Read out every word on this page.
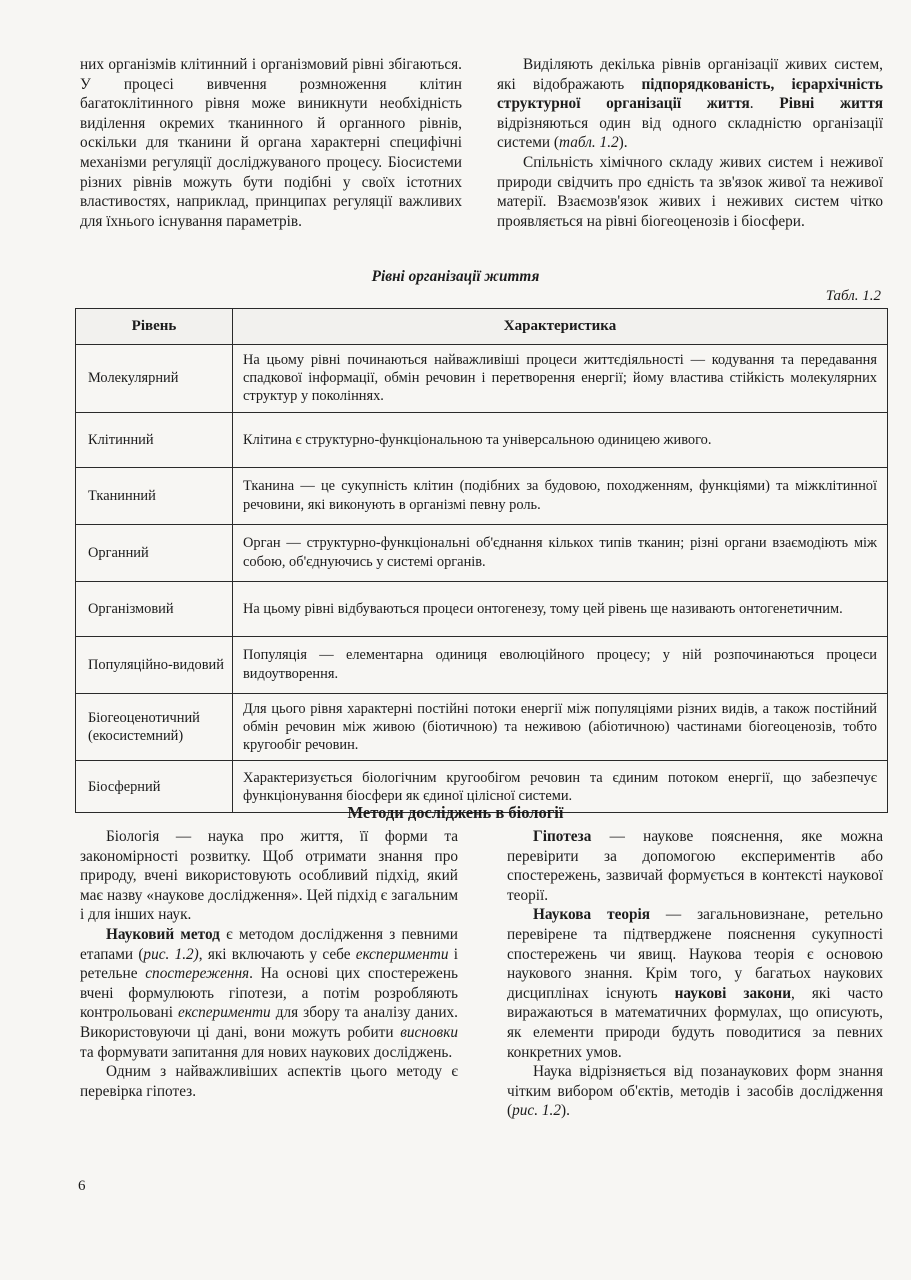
них організмів клітинний і організмовий рівні збігаються. У процесі вивчення розмноження клітин багатоклітинного рівня може виникнути необхідність виділення окремих тканинного й органного рівнів, оскільки для тканини й органа характерні специфічні механізми регуляції досліджуваного процесу. Біосистеми різних рівнів можуть бути подібні у своїх істотних властивостях, наприклад, принципах регуляції важливих для їхнього існування параметрів.

Виділяють декілька рівнів організації живих систем, які відображають підпорядкованість, ієрархічність структурної організації життя. Рівні життя відрізняються один від одного складністю організації системи (табл. 1.2).

Спільність хімічного складу живих систем і неживої природи свідчить про єдність та зв'язок живої та неживої матерії. Взаємозв'язок живих і неживих систем чітко проявляється на рівні біогеоценозів і біосфери.

Рівні організації життя
Табл. 1.2
Рівень	Характеристика
Молекулярний	На цьому рівні починаються найважливіші процеси життєдіяльності — кодування та передавання спадкової інформації, обмін речовин і перетворення енергії; йому властива стійкість молекулярних структур у поколіннях.
Клітинний	Клітина є структурно-функціональною та універсальною одиницею живого.
Тканинний	Тканина — це сукупність клітин (подібних за будовою, походженням, функціями) та міжклітинної речовини, які виконують в організмі певну роль.
Органний	Орган — структурно-функціональні об'єднання кількох типів тканин; різні органи взаємодіють між собою, об'єднуючись у системі органів.
Організмовий	На цьому рівні відбуваються процеси онтогенезу, тому цей рівень ще називають онтогенетичним.
Популяційно-видовий	Популяція — елементарна одиниця еволюційного процесу; у ній розпочинаються процеси видоутворення.
Біогеоценотичний (екосистемний)	Для цього рівня характерні постійні потоки енергії між популяціями різних видів, а також постійний обмін речовин між живою (біотичною) та неживою (абіотичною) частинами біогеоценозів, тобто кругообіг речовин.
Біосферний	Характеризується біологічним кругообігом речовин та єдиним потоком енергії, що забезпечує функціонування біосфери як єдиної цілісної системи.
Методи досліджень в біології

Біологія — наука про життя, її форми та закономірності розвитку. Щоб отримати знання про природу, вчені використовують особливий підхід, який має назву «наукове дослідження». Цей підхід є загальним і для інших наук.

Науковий метод є методом дослідження з певними етапами (рис. 1.2), які включають у себе експерименти і ретельне спостереження. На основі цих спостережень вчені формулюють гіпотези, а потім розробляють контрольовані експерименти для збору та аналізу даних. Використовуючи ці дані, вони можуть робити висновки та формувати запитання для нових наукових досліджень.

Одним з найважливіших аспектів цього методу є перевірка гіпотез.

Гіпотеза — наукове пояснення, яке можна перевірити за допомогою експериментів або спостережень, зазвичай формується в контексті наукової теорії.

Наукова теорія — загальновизнане, ретельно перевірене та підтверджене пояснення сукупності спостережень чи явищ. Наукова теорія є основою наукового знання. Крім того, у багатьох наукових дисциплінах існують наукові закони, які часто виражаються в математичних формулах, що описують, як елементи природи будуть поводитися за певних конкретних умов.

Наука відрізняється від позанаукових форм знання чітким вибором об'єктів, методів і засобів дослідження (рис. 1.2).

6
